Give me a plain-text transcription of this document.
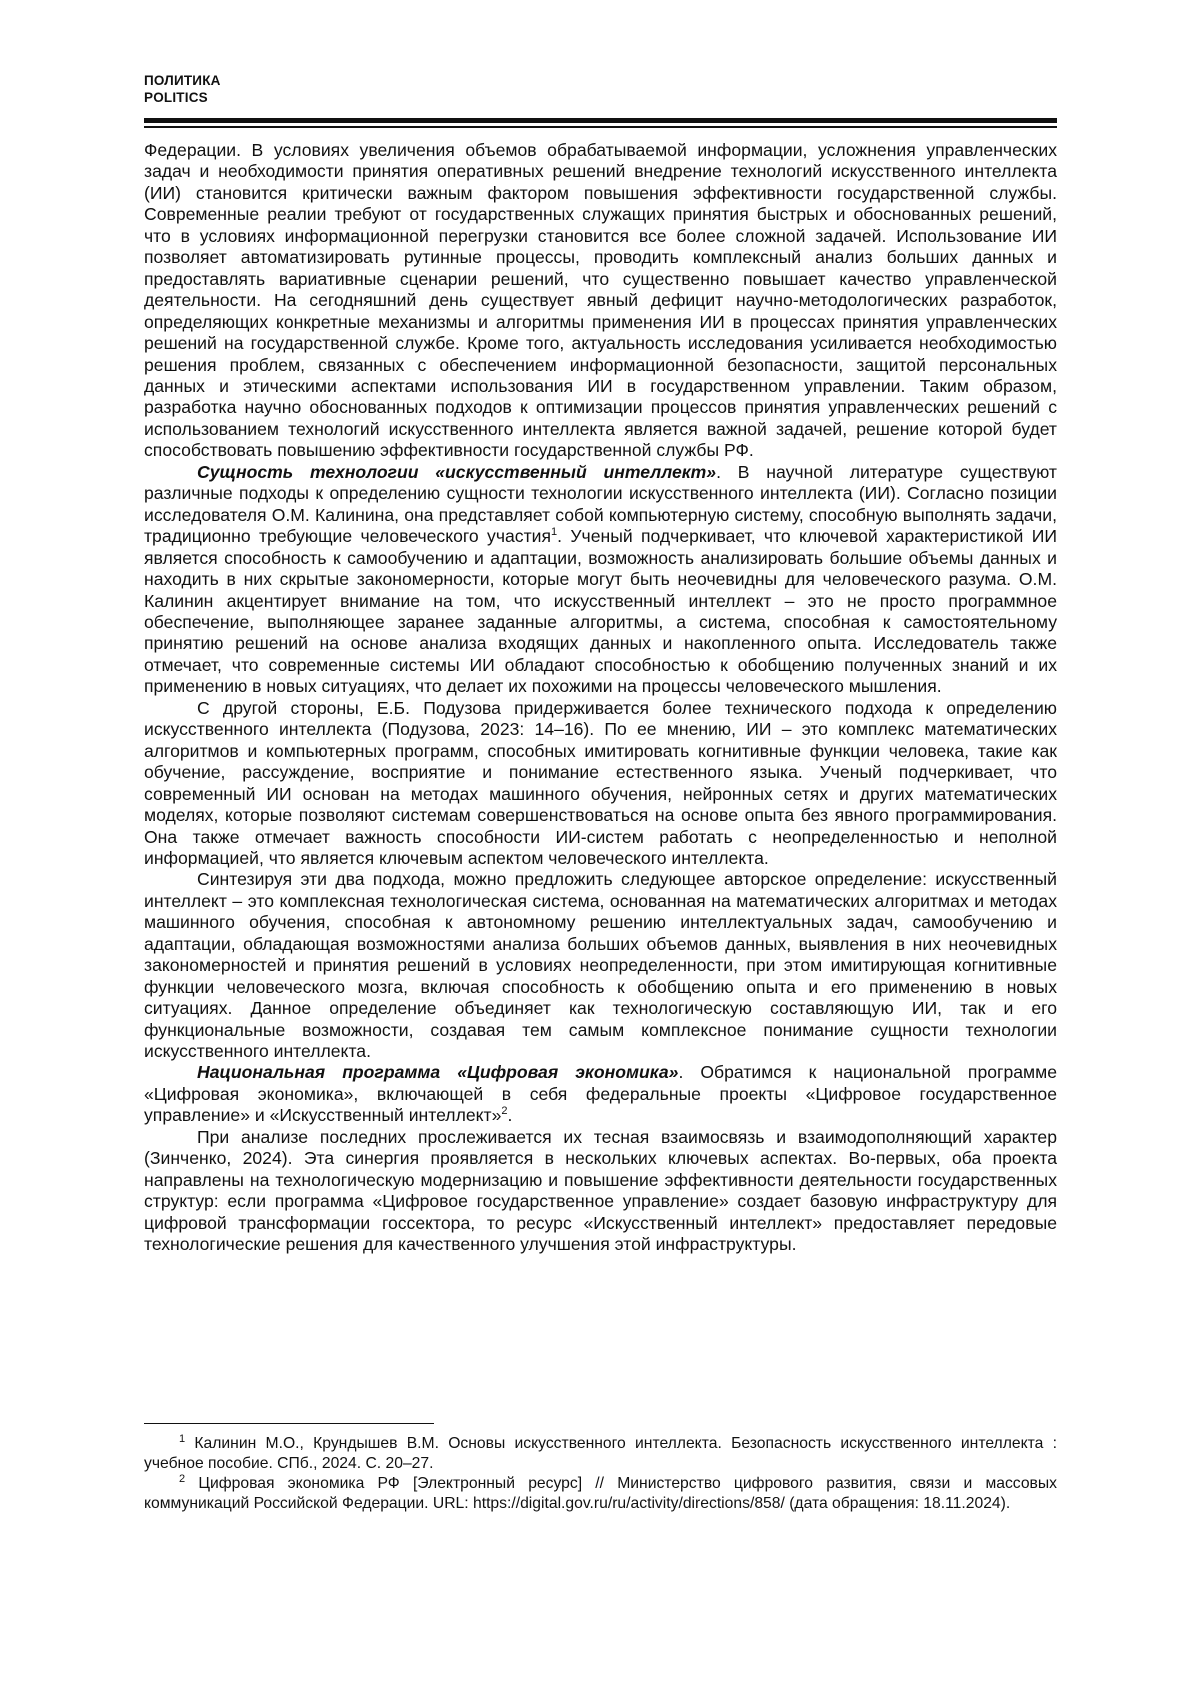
ПОЛИТИКА
POLITICS

Федерации. В условиях увеличения объемов обрабатываемой информации, усложнения управленческих задач и необходимости принятия оперативных решений внедрение технологий искусственного интеллекта (ИИ) становится критически важным фактором повышения эффективности государственной службы. Современные реалии требуют от государственных служащих принятия быстрых и обоснованных решений, что в условиях информационной перегрузки становится все более сложной задачей. Использование ИИ позволяет автоматизировать рутинные процессы, проводить комплексный анализ больших данных и предоставлять вариативные сценарии решений, что существенно повышает качество управленческой деятельности. На сегодняшний день существует явный дефицит научно-методологических разработок, определяющих конкретные механизмы и алгоритмы применения ИИ в процессах принятия управленческих решений на государственной службе. Кроме того, актуальность исследования усиливается необходимостью решения проблем, связанных с обеспечением информационной безопасности, защитой персональных данных и этическими аспектами использования ИИ в государственном управлении. Таким образом, разработка научно обоснованных подходов к оптимизации процессов принятия управленческих решений с использованием технологий искусственного интеллекта является важной задачей, решение которой будет способствовать повышению эффективности государственной службы РФ.

Сущность технологии «искусственный интеллект». В научной литературе существуют различные подходы к определению сущности технологии искусственного интеллекта (ИИ). Согласно позиции исследователя О.М. Калинина, она представляет собой компьютерную систему, способную выполнять задачи, традиционно требующие человеческого участия$^1$. Ученый подчеркивает, что ключевой характеристикой ИИ является способность к самообучению и адаптации, возможность анализировать большие объемы данных и находить в них скрытые закономерности, которые могут быть неочевидны для человеческого разума. О.М. Калинин акцентирует внимание на том, что искусственный интеллект – это не просто программное обеспечение, выполняющее заранее заданные алгоритмы, а система, способная к самостоятельному принятию решений на основе анализа входящих данных и накопленного опыта. Исследователь также отмечает, что современные системы ИИ обладают способностью к обобщению полученных знаний и их применению в новых ситуациях, что делает их похожими на процессы человеческого мышления.

С другой стороны, Е.Б. Подузова придерживается более технического подхода к определению искусственного интеллекта (Подузова, 2023: 14–16). По ее мнению, ИИ – это комплекс математических алгоритмов и компьютерных программ, способных имитировать когнитивные функции человека, такие как обучение, рассуждение, восприятие и понимание естественного языка. Ученый подчеркивает, что современный ИИ основан на методах машинного обучения, нейронных сетях и других математических моделях, которые позволяют системам совершенствоваться на основе опыта без явного программирования. Она также отмечает важность способности ИИ-систем работать с неопределенностью и неполной информацией, что является ключевым аспектом человеческого интеллекта.

Синтезируя эти два подхода, можно предложить следующее авторское определение: искусственный интеллект – это комплексная технологическая система, основанная на математических алгоритмах и методах машинного обучения, способная к автономному решению интеллектуальных задач, самообучению и адаптации, обладающая возможностями анализа больших объемов данных, выявления в них неочевидных закономерностей и принятия решений в условиях неопределенности, при этом имитирующая когнитивные функции человеческого мозга, включая способность к обобщению опыта и его применению в новых ситуациях. Данное определение объединяет как технологическую составляющую ИИ, так и его функциональные возможности, создавая тем самым комплексное понимание сущности технологии искусственного интеллекта.

Национальная программа «Цифровая экономика». Обратимся к национальной программе «Цифровая экономика», включающей в себя федеральные проекты «Цифровое государственное управление» и «Искусственный интеллект»$^2$.

При анализе последних прослеживается их тесная взаимосвязь и взаимодополняющий характер (Зинченко, 2024). Эта синергия проявляется в нескольких ключевых аспектах. Во-первых, оба проекта направлены на технологическую модернизацию и повышение эффективности деятельности государственных структур: если программа «Цифровое государственное управление» создает базовую инфраструктуру для цифровой трансформации госсектора, то ресурс «Искусственный интеллект» предоставляет передовые технологические решения для качественного улучшения этой инфраструктуры.

$^1$ Калинин М.О., Крундышев В.М. Основы искусственного интеллекта. Безопасность искусственного интеллекта : учебное пособие. СПб., 2024. С. 20–27.

$^2$ Цифровая экономика РФ [Электронный ресурс] // Министерство цифрового развития, связи и массовых коммуникаций Российской Федерации. URL: https://digital.gov.ru/ru/activity/directions/858/ (дата обращения: 18.11.2024).
